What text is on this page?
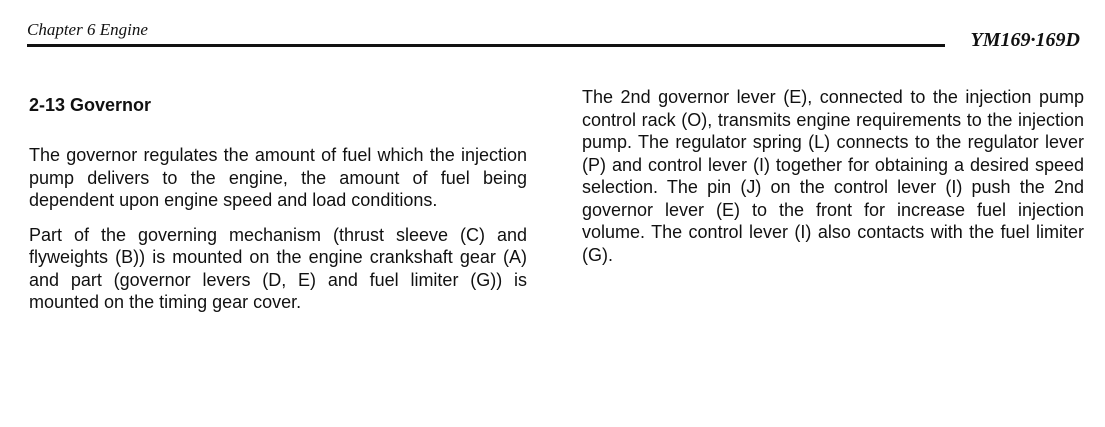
Chapter 6 Engine	YM169·169D
2-13 Governor

The governor regulates the amount of fuel which the injection pump delivers to the engine, the amount of fuel being dependent upon engine speed and load conditions.

Part of the governing mechanism (thrust sleeve (C) and flyweights (B)) is mounted on the engine crankshaft gear (A) and part (governor levers (D, E) and fuel limiter (G)) is mounted on the timing gear cover.

The 2nd governor lever (E), connected to the injection pump control rack (O), transmits engine requirements to the injection pump. The regulator spring (L) connects to the regulator lever (P) and control lever (I) together for obtaining a desired speed selection. The pin (J) on the control lever (I) push the 2nd governor lever (E) to the front for increase fuel injection volume. The control lever (I) also contacts with the fuel limiter (G).
